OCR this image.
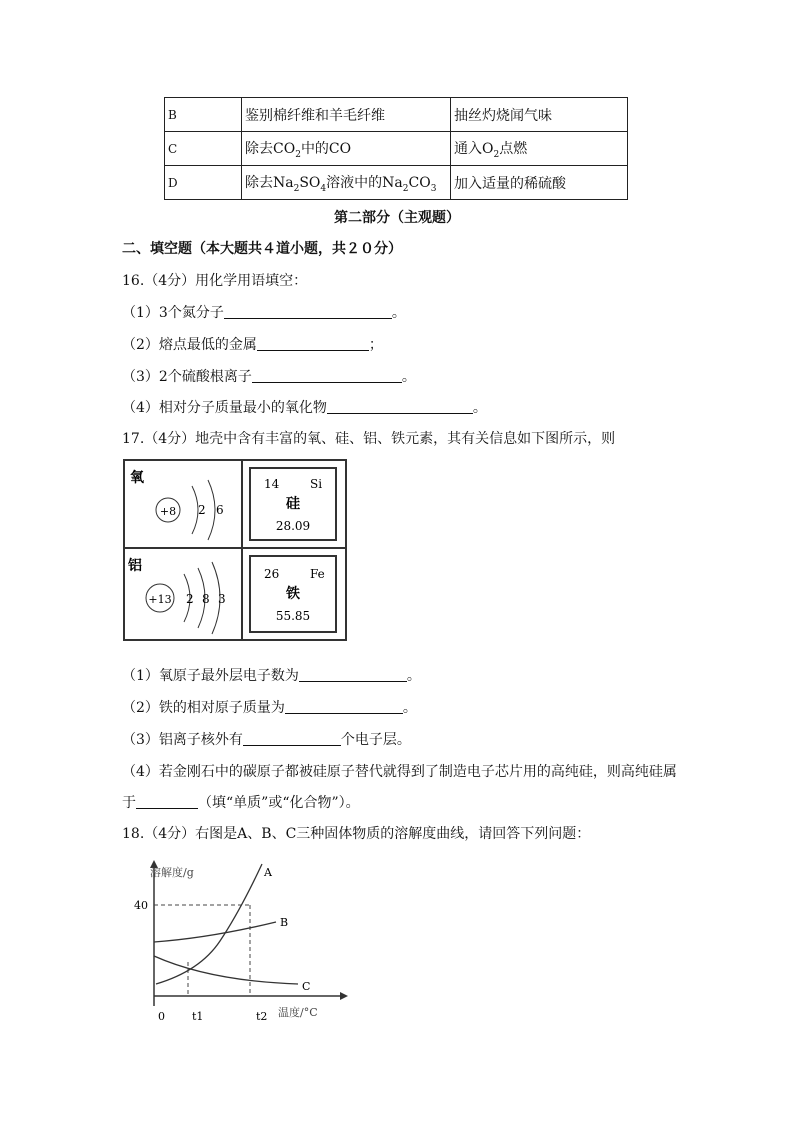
B	鉴别棉纤维和羊毛纤维	抽丝灼烧闻气味
C	除去$CO_2$中的CO	通入$O_2$点燃
D	除去$Na_2SO_4$溶液中的$Na_2CO_3$	加入适量的稀硫酸
第二部分（主观题）
二、填空题（本大题共４道小题，共２０分）
16.（4分）用化学用语填空：
（1）3个氮分子	。
（2）熔点最低的金属	；
（3）2个硫酸根离子	。
（4）相对分子质量最小的氧化物	。
17.（4分）地壳中含有丰富的氧、硅、铝、铁元素，其有关信息如下图所示，则
氧
+8 2 6
14	Si
硅
28.09
铝
+13 2 8 3
26	Fe
铁
55.85
（1）氧原子最外层电子数为	。
（2）铁的相对原子质量为	。
（3）铝离子核外有	个电子层。
（4）若金刚石中的碳原子都被硅原子替代就得到了制造电子芯片用的高纯硅，则高纯硅属
于	（填“单质”或“化合物”）。
18.（4分）右图是A、B、C三种固体物质的溶解度曲线，请回答下列问题：
溶解度/g
温度/°C
40
0 t1	t2
A
B
C
